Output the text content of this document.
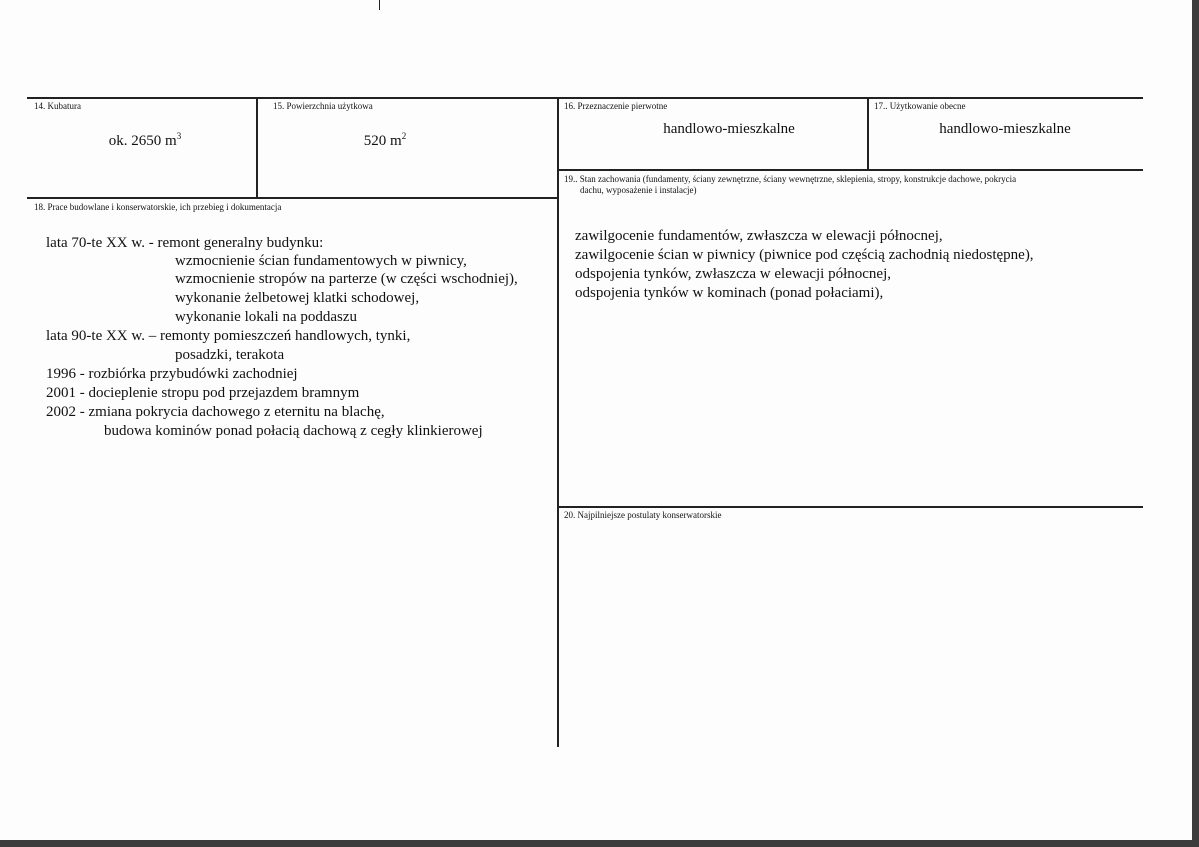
14. Kubatura
ok. 2650 $m^3$
15. Powierzchnia użytkowa
520 $m^2$
16. Przeznaczenie pierwotne
handlowo-mieszkalne
17.. Użytkowanie obecne
handlowo-mieszkalne
18. Prace budowlane i konserwatorskie, ich przebieg i dokumentacja
lata 70-te XX w. - remont generalny budynku:
wzmocnienie ścian fundamentowych w piwnicy,
wzmocnienie stropów na parterze (w części wschodniej),
wykonanie żelbetowej klatki schodowej,
wykonanie lokali na poddaszu
lata 90-te XX w. – remonty pomieszczeń handlowych, tynki,
posadzki, terakota
1996 - rozbiórka przybudówki zachodniej
2001 - docieplenie stropu pod przejazdem bramnym
2002 - zmiana pokrycia dachowego z eternitu na blachę,
budowa kominów ponad połacią dachową z cegły klinkierowej
19.. Stan zachowania (fundamenty, ściany zewnętrzne, ściany wewnętrzne, sklepienia, stropy, konstrukcje dachowe, pokrycia
dachu, wyposażenie i instalacje)
zawilgocenie fundamentów, zwłaszcza w elewacji północnej,
zawilgocenie ścian w piwnicy (piwnice pod częścią zachodnią niedostępne),
odspojenia tynków, zwłaszcza w elewacji północnej,
odspojenia tynków w kominach (ponad połaciami),
20. Najpilniejsze postulaty konserwatorskie
